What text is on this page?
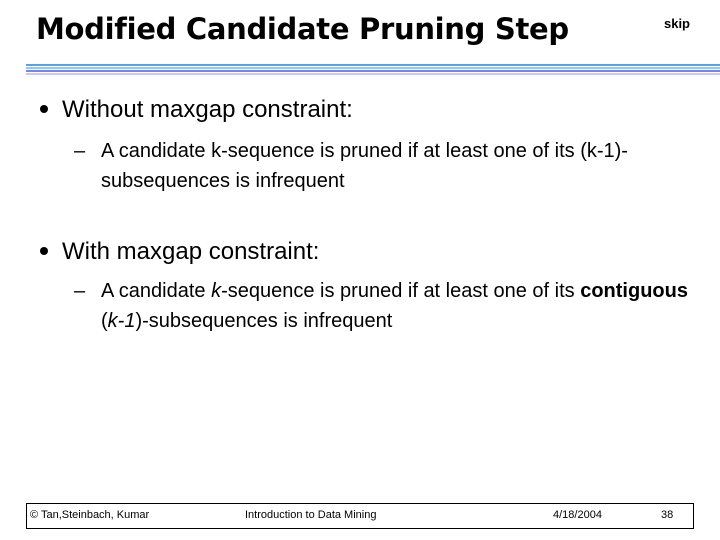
Modified Candidate Pruning Step	skip
Without maxgap constraint:
– A candidate k-sequence is pruned if at least one of its (k-1)-subsequences is infrequent
With maxgap constraint:
– A candidate k-sequence is pruned if at least one of its contiguous (k-1)-subsequences is infrequent
© Tan,Steinbach, Kumar	Introduction to Data Mining	4/18/2004	38
